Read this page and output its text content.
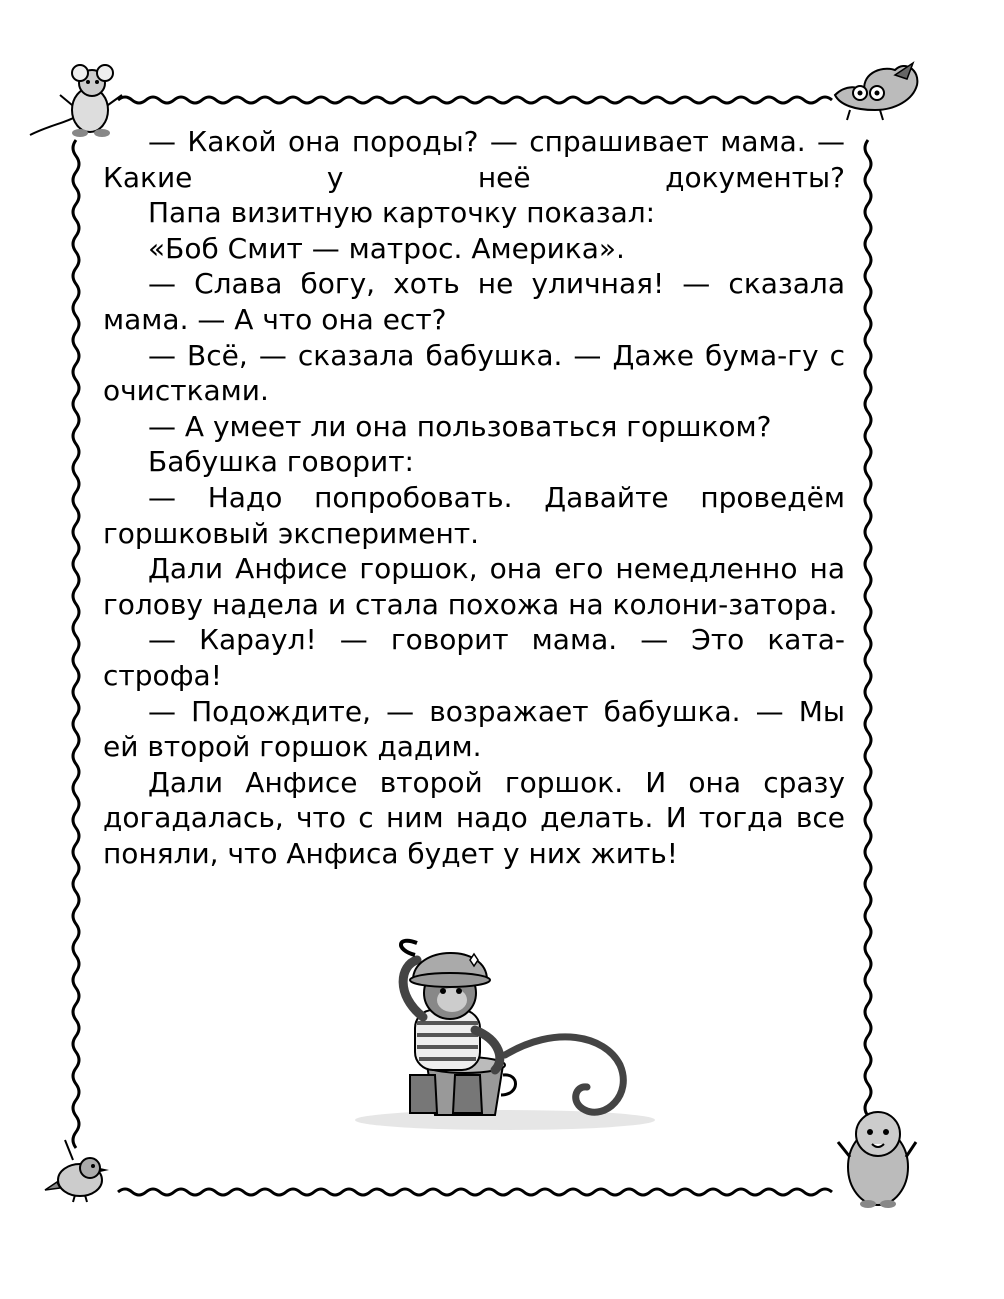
— Какой она породы? — спрашивает мама. — Какие у неё документы?

Папа визитную карточку показал:

«Боб Смит — матрос. Америка».

— Слава богу, хоть не уличная! — сказала мама. — А что она ест?

— Всё, — сказала бабушка. — Даже бума-гу с очистками.

— А умеет ли она пользоваться горшком?

Бабушка говорит:

— Надо попробовать. Давайте проведём горшковый эксперимент.

Дали Анфисе горшок, она его немедленно на голову надела и стала похожа на колони-затора.

— Караул! — говорит мама. — Это ката-строфа!

— Подождите, — возражает бабушка. — Мы ей второй горшок дадим.

Дали Анфисе второй горшок. И она сразу догадалась, что с ним надо делать. И тогда все поняли, что Анфиса будет у них жить!
